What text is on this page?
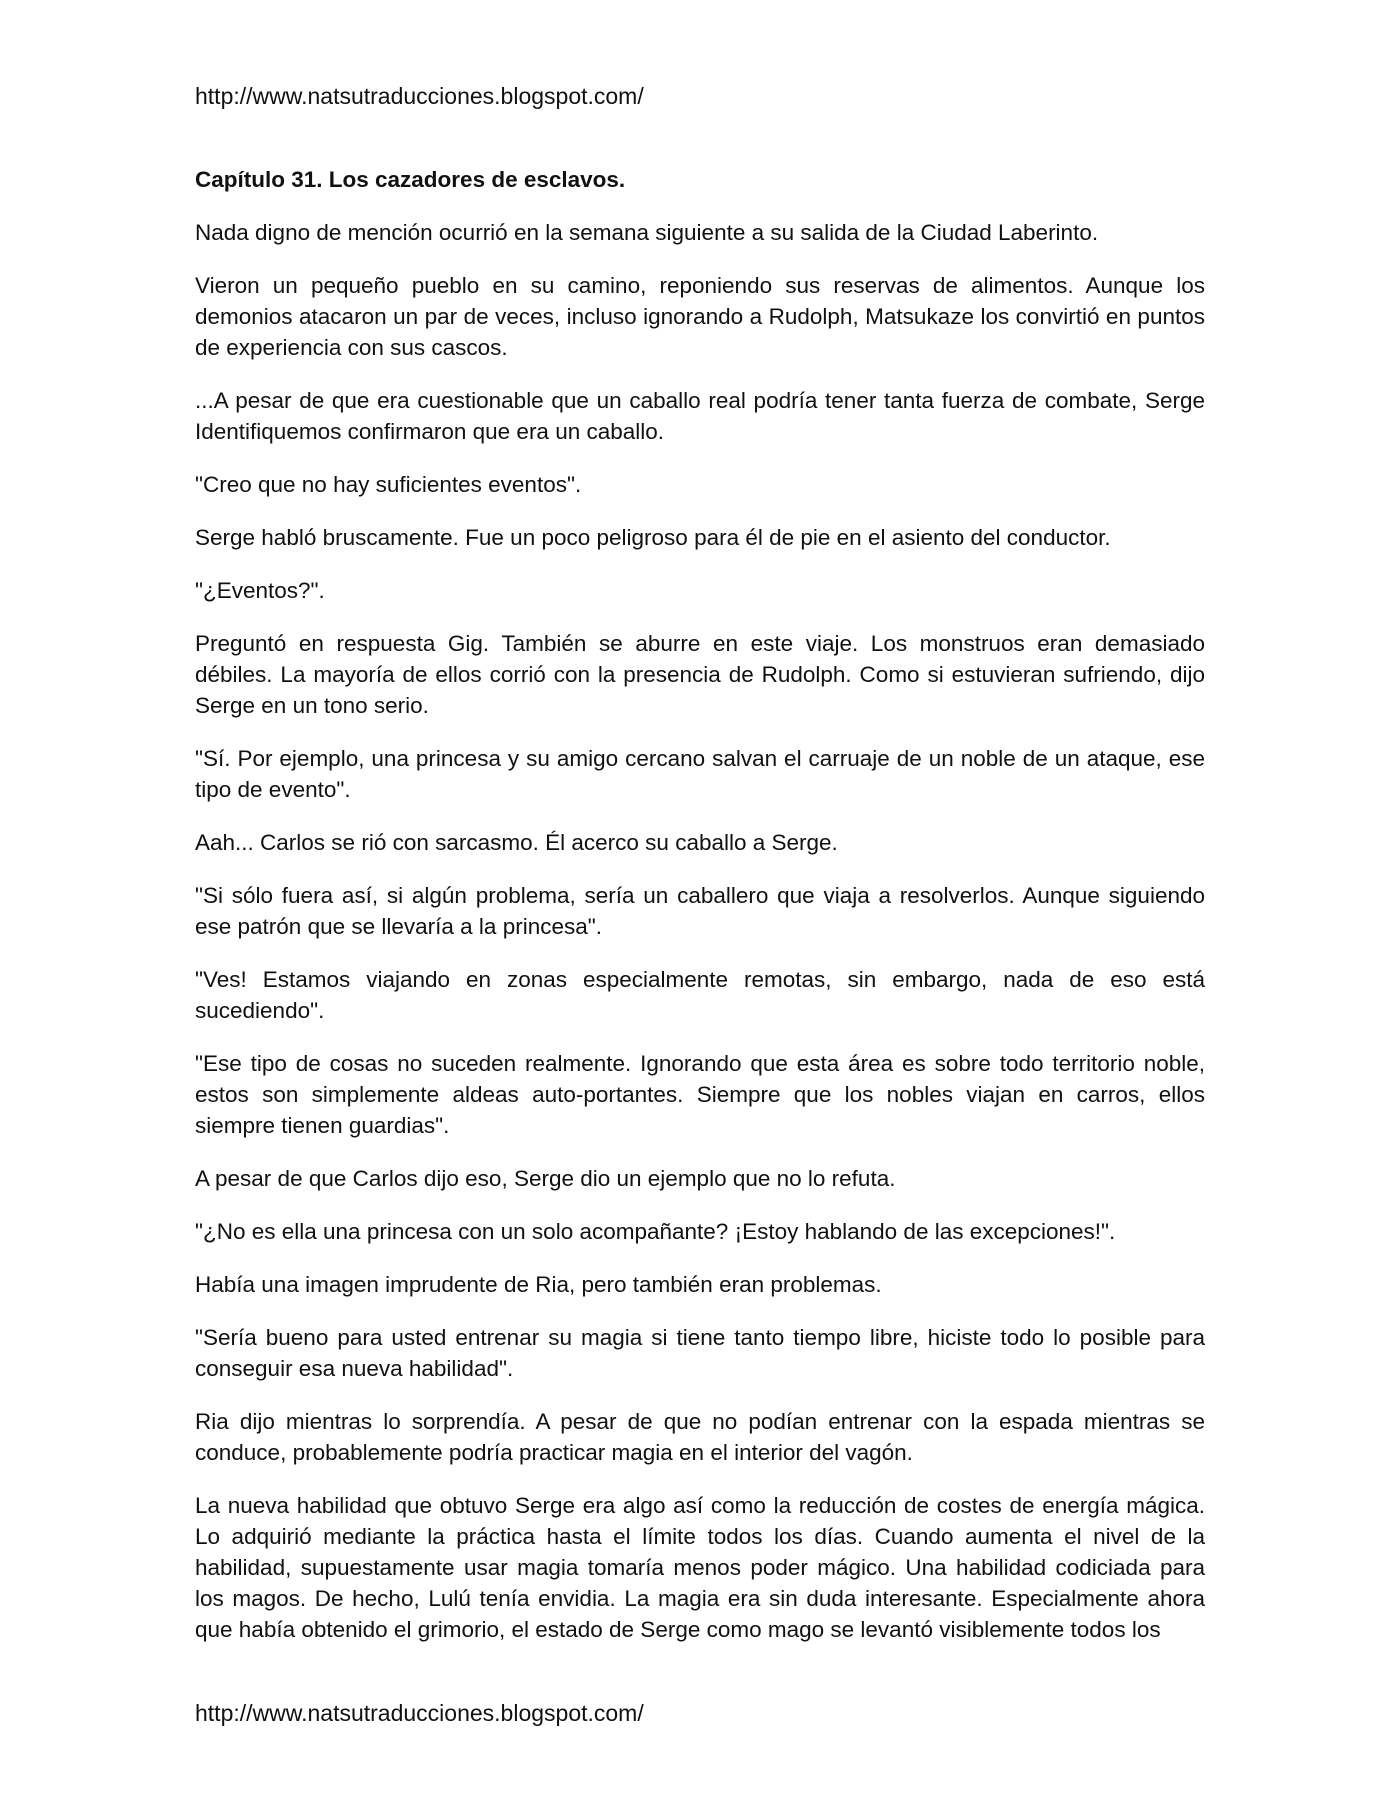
http://www.natsutraducciones.blogspot.com/
Capítulo 31. Los cazadores de esclavos.

Nada digno de mención ocurrió en la semana siguiente a su salida de la Ciudad Laberinto.

Vieron un pequeño pueblo en su camino, reponiendo sus reservas de alimentos. Aunque los demonios atacaron un par de veces, incluso ignorando a Rudolph, Matsukaze los convirtió en puntos de experiencia con sus cascos.

...A pesar de que era cuestionable que un caballo real podría tener tanta fuerza de combate, Serge Identifiquemos confirmaron que era un caballo.

"Creo que no hay suficientes eventos".

Serge habló bruscamente. Fue un poco peligroso para él de pie en el asiento del conductor.

"¿Eventos?".

Preguntó en respuesta Gig. También se aburre en este viaje. Los monstruos eran demasiado débiles. La mayoría de ellos corrió con la presencia de Rudolph. Como si estuvieran sufriendo, dijo Serge en un tono serio.

"Sí. Por ejemplo, una princesa y su amigo cercano salvan el carruaje de un noble de un ataque, ese tipo de evento".

Aah... Carlos se rió con sarcasmo. Él acerco su caballo a Serge.

"Si sólo fuera así, si algún problema, sería un caballero que viaja a resolverlos. Aunque siguiendo ese patrón que se llevaría a la princesa".

"Ves! Estamos viajando en zonas especialmente remotas, sin embargo, nada de eso está sucediendo".

"Ese tipo de cosas no suceden realmente. Ignorando que esta área es sobre todo territorio noble, estos son simplemente aldeas auto-portantes. Siempre que los nobles viajan en carros, ellos siempre tienen guardias".

A pesar de que Carlos dijo eso, Serge dio un ejemplo que no lo refuta.

"¿No es ella una princesa con un solo acompañante? ¡Estoy hablando de las excepciones!".

Había una imagen imprudente de Ria, pero también eran problemas.

"Sería bueno para usted entrenar su magia si tiene tanto tiempo libre, hiciste todo lo posible para conseguir esa nueva habilidad".

Ria dijo mientras lo sorprendía. A pesar de que no podían entrenar con la espada mientras se conduce, probablemente podría practicar magia en el interior del vagón.

La nueva habilidad que obtuvo Serge era algo así como la reducción de costes de energía mágica. Lo adquirió mediante la práctica hasta el límite todos los días. Cuando aumenta el nivel de la habilidad, supuestamente usar magia tomaría menos poder mágico. Una habilidad codiciada para los magos. De hecho, Lulú tenía envidia. La magia era sin duda interesante. Especialmente ahora que había obtenido el grimorio, el estado de Serge como mago se levantó visiblemente todos los

http://www.natsutraducciones.blogspot.com/
